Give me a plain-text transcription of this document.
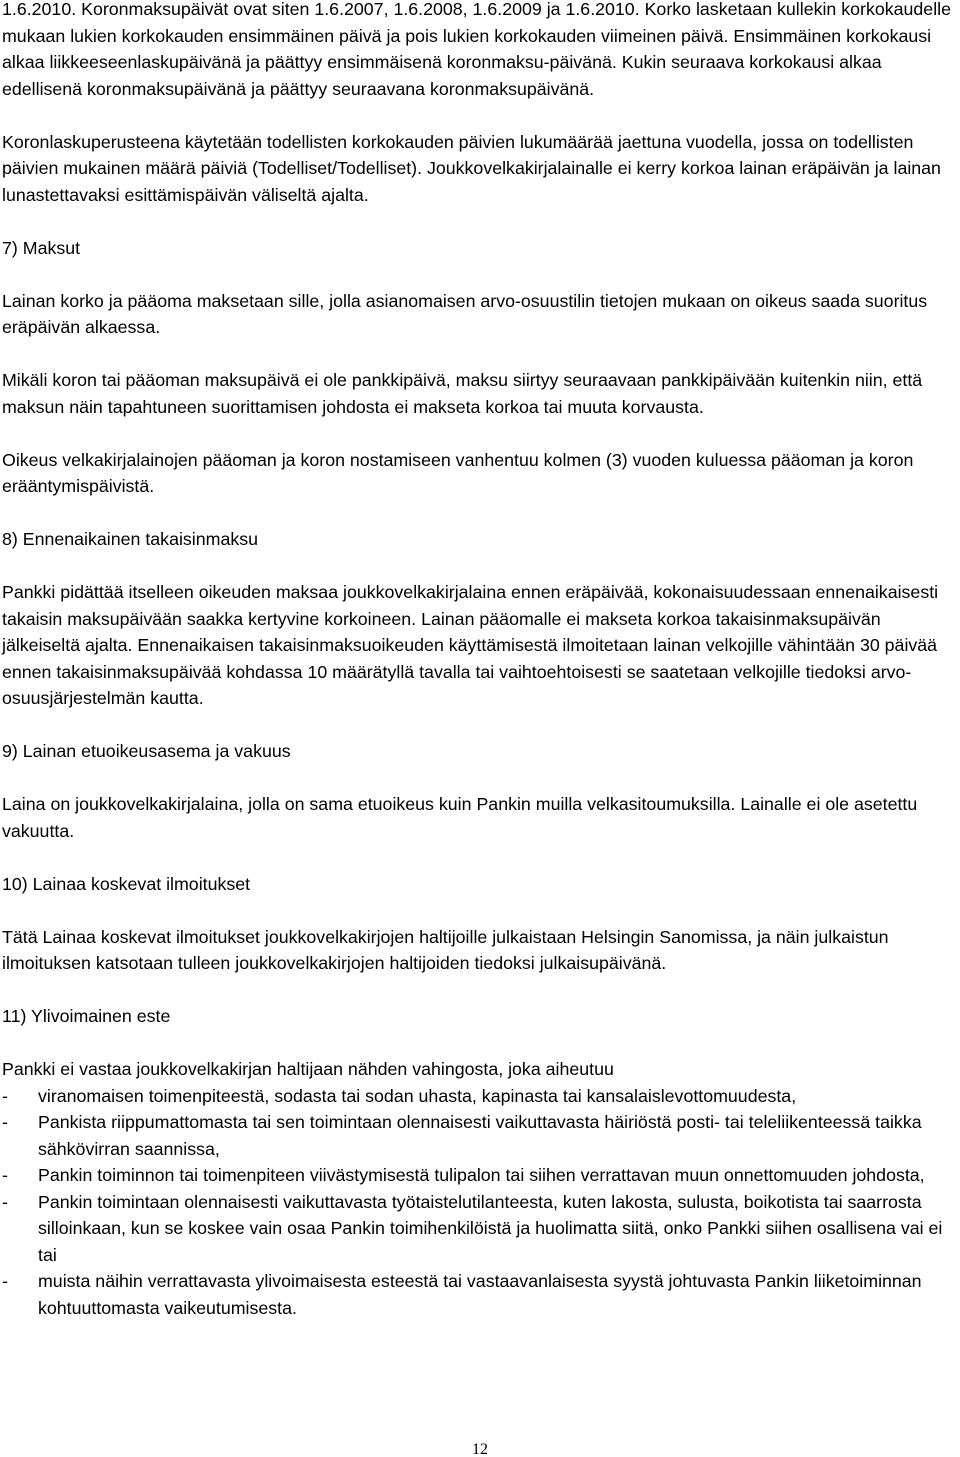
1.6.2010. Koronmaksupäivät ovat siten 1.6.2007, 1.6.2008, 1.6.2009 ja 1.6.2010. Korko lasketaan kullekin korkokaudelle mukaan lukien korkokauden ensimmäinen päivä ja pois lukien korkokauden viimeinen päivä. Ensimmäinen korkokausi alkaa liikkeeseenlaskupäivänä ja päättyy ensimmäisenä koronmaksu-päivänä. Kukin seuraava korkokausi alkaa edellisenä koronmaksupäivänä ja päättyy seuraavana koronmaksupäivänä.

Koronlaskuperusteena käytetään todellisten korkokauden päivien lukumäärää jaettuna vuodella, jossa on todellisten päivien mukainen määrä päiviä (Todelliset/Todelliset). Joukkovelkakirjalainalle ei kerry korkoa lainan eräpäivän ja lainan lunastettavaksi esittämispäivän väliseltä ajalta.

7) Maksut

Lainan korko ja pääoma maksetaan sille, jolla asianomaisen arvo-osuustilin tietojen mukaan on oikeus saada suoritus eräpäivän alkaessa.

Mikäli koron tai pääoman maksupäivä ei ole pankkipäivä, maksu siirtyy seuraavaan pankkipäivään kuitenkin niin, että maksun näin tapahtuneen suorittamisen johdosta ei makseta korkoa tai muuta korvausta.

Oikeus velkakirjalainojen pääoman ja koron nostamiseen vanhentuu kolmen (3) vuoden kuluessa pääoman ja koron erääntymispäivistä.

8) Ennenaikainen takaisinmaksu

Pankki pidättää itselleen oikeuden maksaa joukkovelkakirjalaina ennen eräpäivää, kokonaisuudessaan ennenaikaisesti takaisin maksupäivään saakka kertyvine korkoineen. Lainan pääomalle ei makseta korkoa takaisinmaksupäivän jälkeiseltä ajalta. Ennenaikaisen takaisinmaksuoikeuden käyttämisestä ilmoitetaan lainan velkojille vähintään 30 päivää ennen takaisinmaksupäivää kohdassa 10 määrätyllä tavalla tai vaihtoehtoisesti se saatetaan velkojille tiedoksi arvo-osuusjärjestelmän kautta.

9) Lainan etuoikeusasema ja vakuus

Laina on joukkovelkakirjalaina, jolla on sama etuoikeus kuin Pankin muilla velkasitoumuksilla. Lainalle ei ole asetettu vakuutta.

10) Lainaa koskevat ilmoitukset

Tätä Lainaa koskevat ilmoitukset joukkovelkakirjojen haltijoille julkaistaan Helsingin Sanomissa, ja näin julkaistun ilmoituksen katsotaan tulleen joukkovelkakirjojen haltijoiden tiedoksi julkaisupäivänä.

11) Ylivoimainen este

Pankki ei vastaa joukkovelkakirjan haltijaan nähden vahingosta, joka aiheutuu

- viranomaisen toimenpiteestä, sodasta tai sodan uhasta, kapinasta tai kansalaislevottomuudesta,
- Pankista riippumattomasta tai sen toimintaan olennaisesti vaikuttavasta häiriöstä posti- tai teleliikenteessä taikka sähkövirran saannissa,
- Pankin toiminnon tai toimenpiteen viivästymisestä tulipalon tai siihen verrattavan muun onnettomuuden johdosta,
- Pankin toimintaan olennaisesti vaikuttavasta työtaistelutilanteesta, kuten lakosta, sulusta, boikotista tai saarrosta silloinkaan, kun se koskee vain osaa Pankin toimihenkilöistä ja huolimatta siitä, onko Pankki siihen osallisena vai ei tai
- muista näihin verrattavasta ylivoimaisesta esteestä tai vastaavanlaisesta syystä johtuvasta Pankin liiketoiminnan kohtuuttomasta vaikeutumisesta.
12
